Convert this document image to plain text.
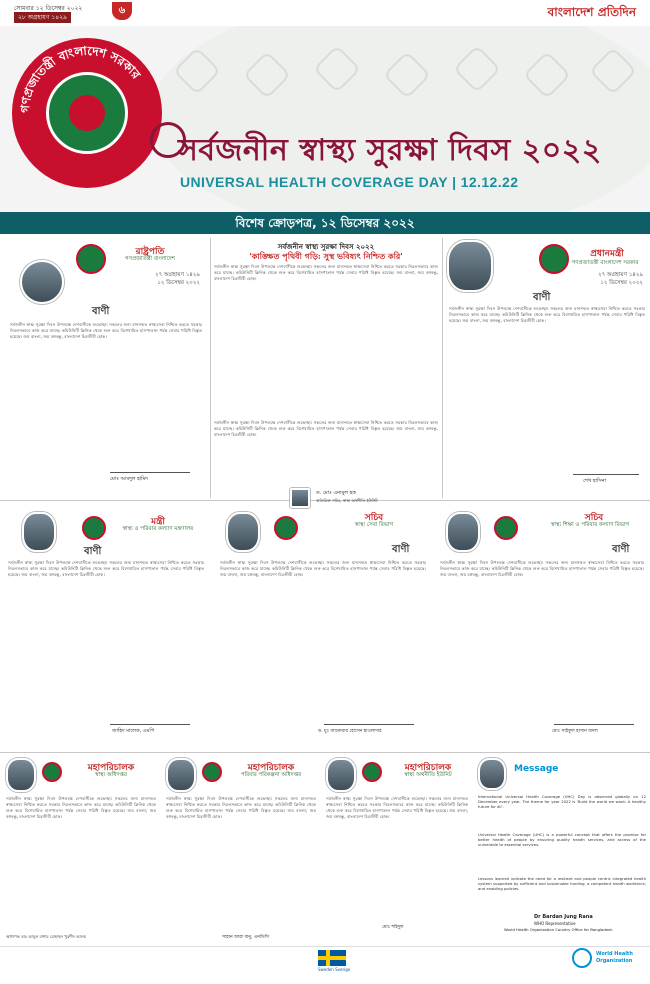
সোমবার ১২ ডিসেম্বর ২০২২
২৮ অগ্রহায়ণ ১৪২৯
৬	বাংলাদেশ প্রতিদিন
গণপ্রজাতন্ত্রী বাংলাদেশ সরকার
সর্বজনীন স্বাস্থ্য সুরক্ষা দিবস ২০২২
UNIVERSAL HEALTH COVERAGE DAY | 12.12.22
বিশেষ ক্রোড়পত্র, ১২ ডিসেম্বর ২০২২
রাষ্ট্রপতি
গণপ্রজাতন্ত্রী বাংলাদেশ
২৭ অগ্রহায়ণ ১৪২৯
১২ ডিসেম্বর ২০২২
বাণী
সর্বজনীন স্বাস্থ্য সুরক্ষা দিবস উপলক্ষে দেশবাসীকে শুভেচ্ছা। সকলের জন্য মানসম্মত স্বাস্থ্যসেবা নিশ্চিত করতে সরকার নিরলসভাবে কাজ করে যাচ্ছে। কমিউনিটি ক্লিনিক থেকে শুরু করে বিশেষায়িত হাসপাতাল পর্যন্ত সেবার পরিধি বিস্তৃত হয়েছে। জয় বাংলা, জয় বঙ্গবন্ধু, বাংলাদেশ চিরজীবী হোক।
মোঃ আবদুল হামিদ
সর্বজনীন স্বাস্থ্য সুরক্ষা দিবস ২০২২
'কাঙ্ক্ষিত পৃথিবী গড়ি: সুস্থ ভবিষ্যৎ নিশ্চিত করি'
সর্বজনীন স্বাস্থ্য সুরক্ষা দিবস উপলক্ষে দেশবাসীকে শুভেচ্ছা। সকলের জন্য মানসম্মত স্বাস্থ্যসেবা নিশ্চিত করতে সরকার নিরলসভাবে কাজ করে যাচ্ছে। কমিউনিটি ক্লিনিক থেকে শুরু করে বিশেষায়িত হাসপাতাল পর্যন্ত সেবার পরিধি বিস্তৃত হয়েছে। জয় বাংলা, জয় বঙ্গবন্ধু, বাংলাদেশ চিরজীবী হোক।
সর্বজনীন স্বাস্থ্য সুরক্ষা দিবস উপলক্ষে দেশবাসীকে শুভেচ্ছা। সকলের জন্য মানসম্মত স্বাস্থ্যসেবা নিশ্চিত করতে সরকার নিরলসভাবে কাজ করে যাচ্ছে। কমিউনিটি ক্লিনিক থেকে শুরু করে বিশেষায়িত হাসপাতাল পর্যন্ত সেবার পরিধি বিস্তৃত হয়েছে। জয় বাংলা, জয় বঙ্গবন্ধু, বাংলাদেশ চিরজীবী হোক।
ড. মোঃ এনামুল হক
অতিরিক্ত সচিব, স্বাস্থ্য অর্থনীতি ইউনিট
প্রধানমন্ত্রী
গণপ্রজাতন্ত্রী বাংলাদেশ সরকার
২৭ অগ্রহায়ণ ১৪২৯
১২ ডিসেম্বর ২০২২
বাণী
সর্বজনীন স্বাস্থ্য সুরক্ষা দিবস উপলক্ষে দেশবাসীকে শুভেচ্ছা। সকলের জন্য মানসম্মত স্বাস্থ্যসেবা নিশ্চিত করতে সরকার নিরলসভাবে কাজ করে যাচ্ছে। কমিউনিটি ক্লিনিক থেকে শুরু করে বিশেষায়িত হাসপাতাল পর্যন্ত সেবার পরিধি বিস্তৃত হয়েছে। জয় বাংলা, জয় বঙ্গবন্ধু, বাংলাদেশ চিরজীবী হোক।
শেখ হাসিনা
মন্ত্রী
স্বাস্থ্য ও পরিবার কল্যাণ মন্ত্রণালয়
বাণী
সর্বজনীন স্বাস্থ্য সুরক্ষা দিবস উপলক্ষে দেশবাসীকে শুভেচ্ছা। সকলের জন্য মানসম্মত স্বাস্থ্যসেবা নিশ্চিত করতে সরকার নিরলসভাবে কাজ করে যাচ্ছে। কমিউনিটি ক্লিনিক থেকে শুরু করে বিশেষায়িত হাসপাতাল পর্যন্ত সেবার পরিধি বিস্তৃত হয়েছে। জয় বাংলা, জয় বঙ্গবন্ধু, বাংলাদেশ চিরজীবী হোক।
জাহিদ মালেক, এমপি
সচিব
স্বাস্থ্য সেবা বিভাগ
বাণী
সর্বজনীন স্বাস্থ্য সুরক্ষা দিবস উপলক্ষে দেশবাসীকে শুভেচ্ছা। সকলের জন্য মানসম্মত স্বাস্থ্যসেবা নিশ্চিত করতে সরকার নিরলসভাবে কাজ করে যাচ্ছে। কমিউনিটি ক্লিনিক থেকে শুরু করে বিশেষায়িত হাসপাতাল পর্যন্ত সেবার পরিধি বিস্তৃত হয়েছে। জয় বাংলা, জয় বঙ্গবন্ধু, বাংলাদেশ চিরজীবী হোক।
ড. মুঃ আনোয়ার হোসেন হাওলাদার
সচিব
স্বাস্থ্য শিক্ষা ও পরিবার কল্যাণ বিভাগ
বাণী
সর্বজনীন স্বাস্থ্য সুরক্ষা দিবস উপলক্ষে দেশবাসীকে শুভেচ্ছা। সকলের জন্য মানসম্মত স্বাস্থ্যসেবা নিশ্চিত করতে সরকার নিরলসভাবে কাজ করে যাচ্ছে। কমিউনিটি ক্লিনিক থেকে শুরু করে বিশেষায়িত হাসপাতাল পর্যন্ত সেবার পরিধি বিস্তৃত হয়েছে। জয় বাংলা, জয় বঙ্গবন্ধু, বাংলাদেশ চিরজীবী হোক।
মোঃ সাইফুল হাসান বাদল
মহাপরিচালক
স্বাস্থ্য অধিদপ্তর
সর্বজনীন স্বাস্থ্য সুরক্ষা দিবস উপলক্ষে দেশবাসীকে শুভেচ্ছা। সকলের জন্য মানসম্মত স্বাস্থ্যসেবা নিশ্চিত করতে সরকার নিরলসভাবে কাজ করে যাচ্ছে। কমিউনিটি ক্লিনিক থেকে শুরু করে বিশেষায়িত হাসপাতাল পর্যন্ত সেবার পরিধি বিস্তৃত হয়েছে। জয় বাংলা, জয় বঙ্গবন্ধু, বাংলাদেশ চিরজীবী হোক।
অধ্যাপক ডাঃ আবুল বাশার মোহাম্মদ খুরশীদ আলম
মহাপরিচালক
পরিবার পরিকল্পনা অধিদপ্তর
সর্বজনীন স্বাস্থ্য সুরক্ষা দিবস উপলক্ষে দেশবাসীকে শুভেচ্ছা। সকলের জন্য মানসম্মত স্বাস্থ্যসেবা নিশ্চিত করতে সরকার নিরলসভাবে কাজ করে যাচ্ছে। কমিউনিটি ক্লিনিক থেকে শুরু করে বিশেষায়িত হাসপাতাল পর্যন্ত সেবার পরিধি বিস্তৃত হয়েছে। জয় বাংলা, জয় বঙ্গবন্ধু, বাংলাদেশ চিরজীবী হোক।
সাহান আরা বানু, এনডিসি
মহাপরিচালক
স্বাস্থ্য অর্থনীতি ইউনিট
সর্বজনীন স্বাস্থ্য সুরক্ষা দিবস উপলক্ষে দেশবাসীকে শুভেচ্ছা। সকলের জন্য মানসম্মত স্বাস্থ্যসেবা নিশ্চিত করতে সরকার নিরলসভাবে কাজ করে যাচ্ছে। কমিউনিটি ক্লিনিক থেকে শুরু করে বিশেষায়িত হাসপাতাল পর্যন্ত সেবার পরিধি বিস্তৃত হয়েছে। জয় বাংলা, জয় বঙ্গবন্ধু, বাংলাদেশ চিরজীবী হোক।
মোঃ শহিদুল
Message
International Universal Health Coverage (UHC) Day is observed globally on 12 December every year. The theme for year 2022 is 'Build the world we want: A healthy future for all'.
Universal Health Coverage (UHC) is a powerful concept that offers the promise for better health of people by ensuring quality health services, and access of the vulnerable to essential services.
Lessons learned indicate the need for a resilient and people centric integrated health system supported by sufficient and sustainable funding, a competent health workforce, and enabling policies.
Dr Bardan Jung Rana
WHO Representative
World Health Organization Country Office for Bangladesh
Sweden Sverige
World Health
Organization
